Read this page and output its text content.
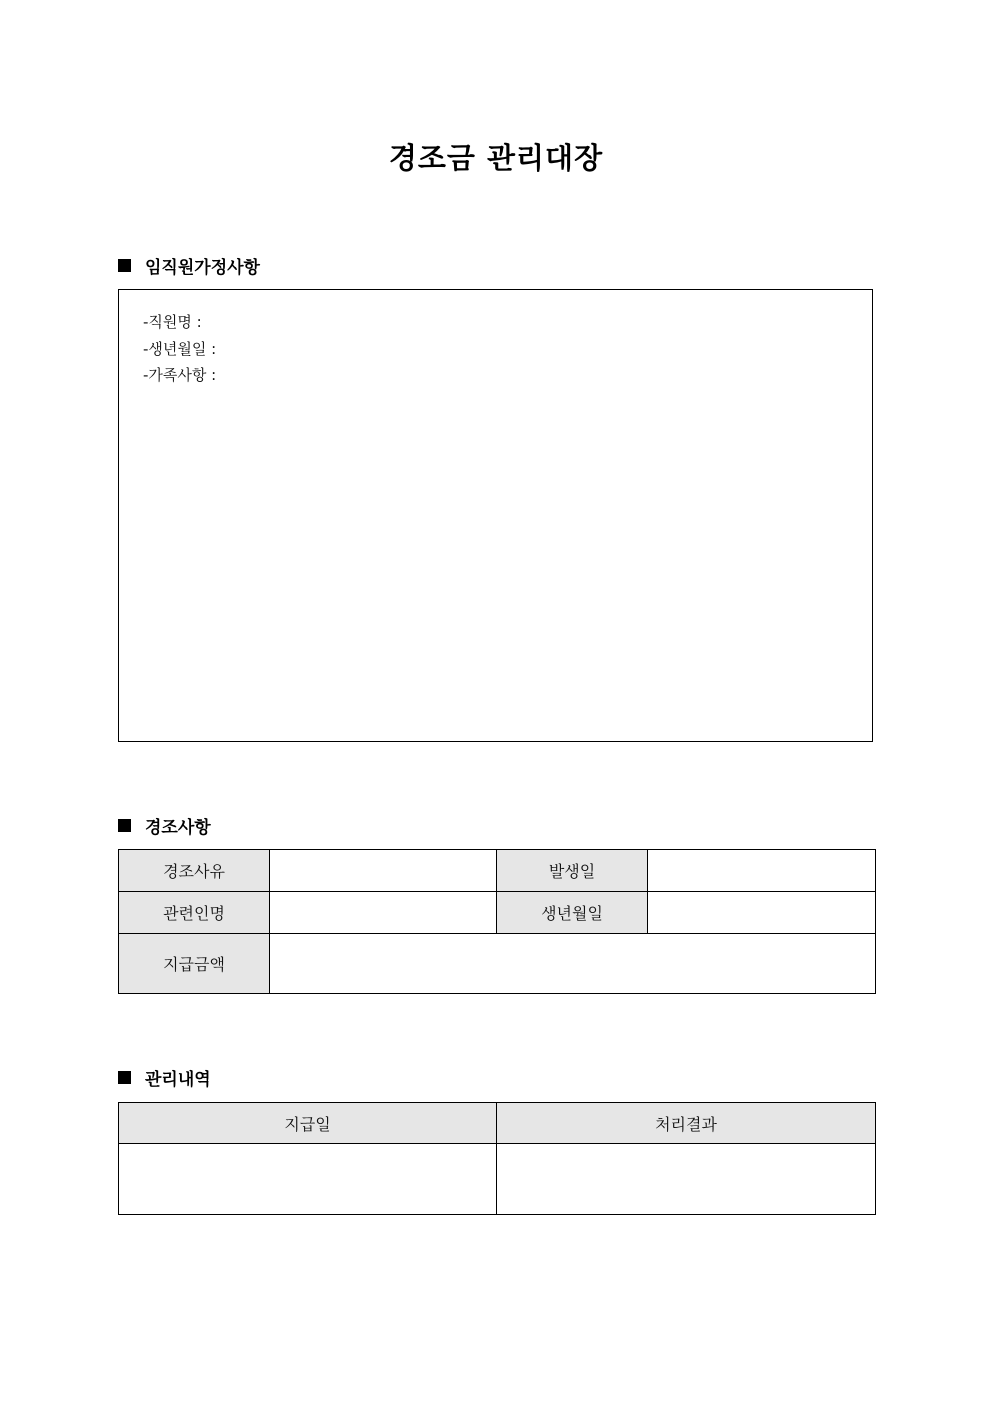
경조금 관리대장
임직원가정사항
-직원명 :
-생년월일 :
-가족사항 :
경조사항
경조사유		발생일	
관련인명		생년월일	
지급금액			
관리내역
지급일	처리결과
